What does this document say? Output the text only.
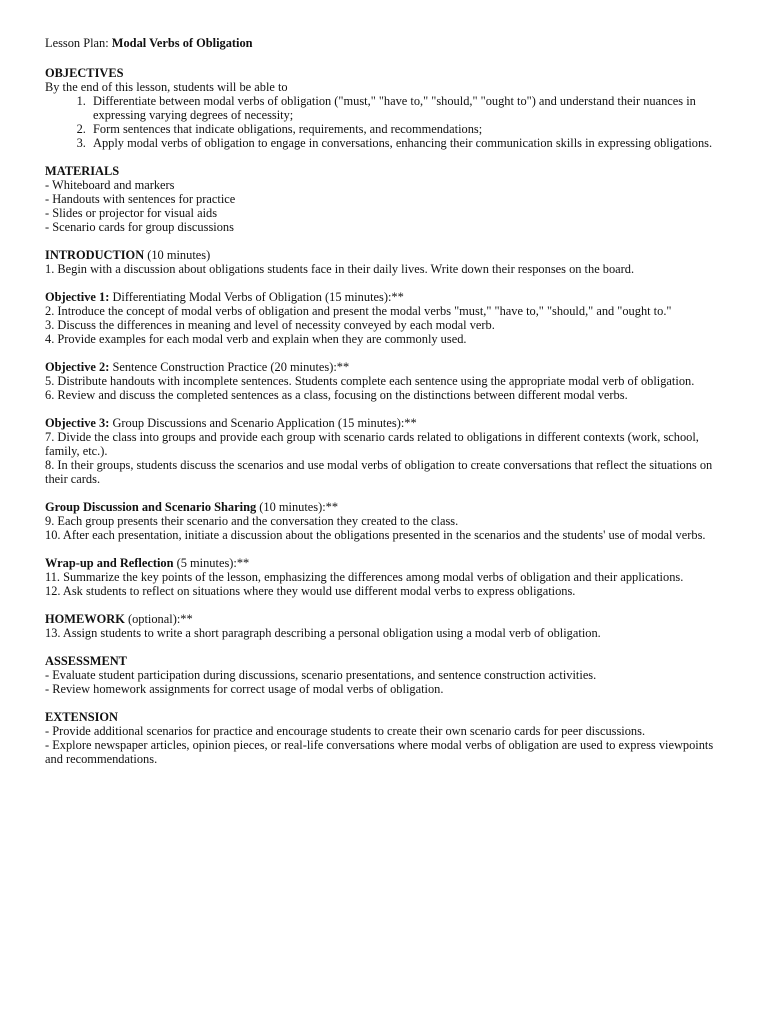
Lesson Plan: Modal Verbs of Obligation
OBJECTIVES
By the end of this lesson, students will be able to
1. Differentiate between modal verbs of obligation ("must," "have to," "should," "ought to") and understand their nuances in expressing varying degrees of necessity;
2. Form sentences that indicate obligations, requirements, and recommendations;
3. Apply modal verbs of obligation to engage in conversations, enhancing their communication skills in expressing obligations.
MATERIALS
- Whiteboard and markers
- Handouts with sentences for practice
- Slides or projector for visual aids
- Scenario cards for group discussions
INTRODUCTION (10 minutes)
1. Begin with a discussion about obligations students face in their daily lives. Write down their responses on the board.
Objective 1: Differentiating Modal Verbs of Obligation (15 minutes):**
2. Introduce the concept of modal verbs of obligation and present the modal verbs "must," "have to," "should," and "ought to."
3. Discuss the differences in meaning and level of necessity conveyed by each modal verb.
4. Provide examples for each modal verb and explain when they are commonly used.
Objective 2: Sentence Construction Practice (20 minutes):**
5. Distribute handouts with incomplete sentences. Students complete each sentence using the appropriate modal verb of obligation.
6. Review and discuss the completed sentences as a class, focusing on the distinctions between different modal verbs.
Objective 3: Group Discussions and Scenario Application (15 minutes):**
7. Divide the class into groups and provide each group with scenario cards related to obligations in different contexts (work, school, family, etc.).
8. In their groups, students discuss the scenarios and use modal verbs of obligation to create conversations that reflect the situations on their cards.
Group Discussion and Scenario Sharing (10 minutes):**
9. Each group presents their scenario and the conversation they created to the class.
10. After each presentation, initiate a discussion about the obligations presented in the scenarios and the students' use of modal verbs.
Wrap-up and Reflection (5 minutes):**
11. Summarize the key points of the lesson, emphasizing the differences among modal verbs of obligation and their applications.
12. Ask students to reflect on situations where they would use different modal verbs to express obligations.
HOMEWORK (optional):**
13. Assign students to write a short paragraph describing a personal obligation using a modal verb of obligation.
ASSESSMENT
- Evaluate student participation during discussions, scenario presentations, and sentence construction activities.
- Review homework assignments for correct usage of modal verbs of obligation.
EXTENSION
- Provide additional scenarios for practice and encourage students to create their own scenario cards for peer discussions.
- Explore newspaper articles, opinion pieces, or real-life conversations where modal verbs of obligation are used to express viewpoints and recommendations.
